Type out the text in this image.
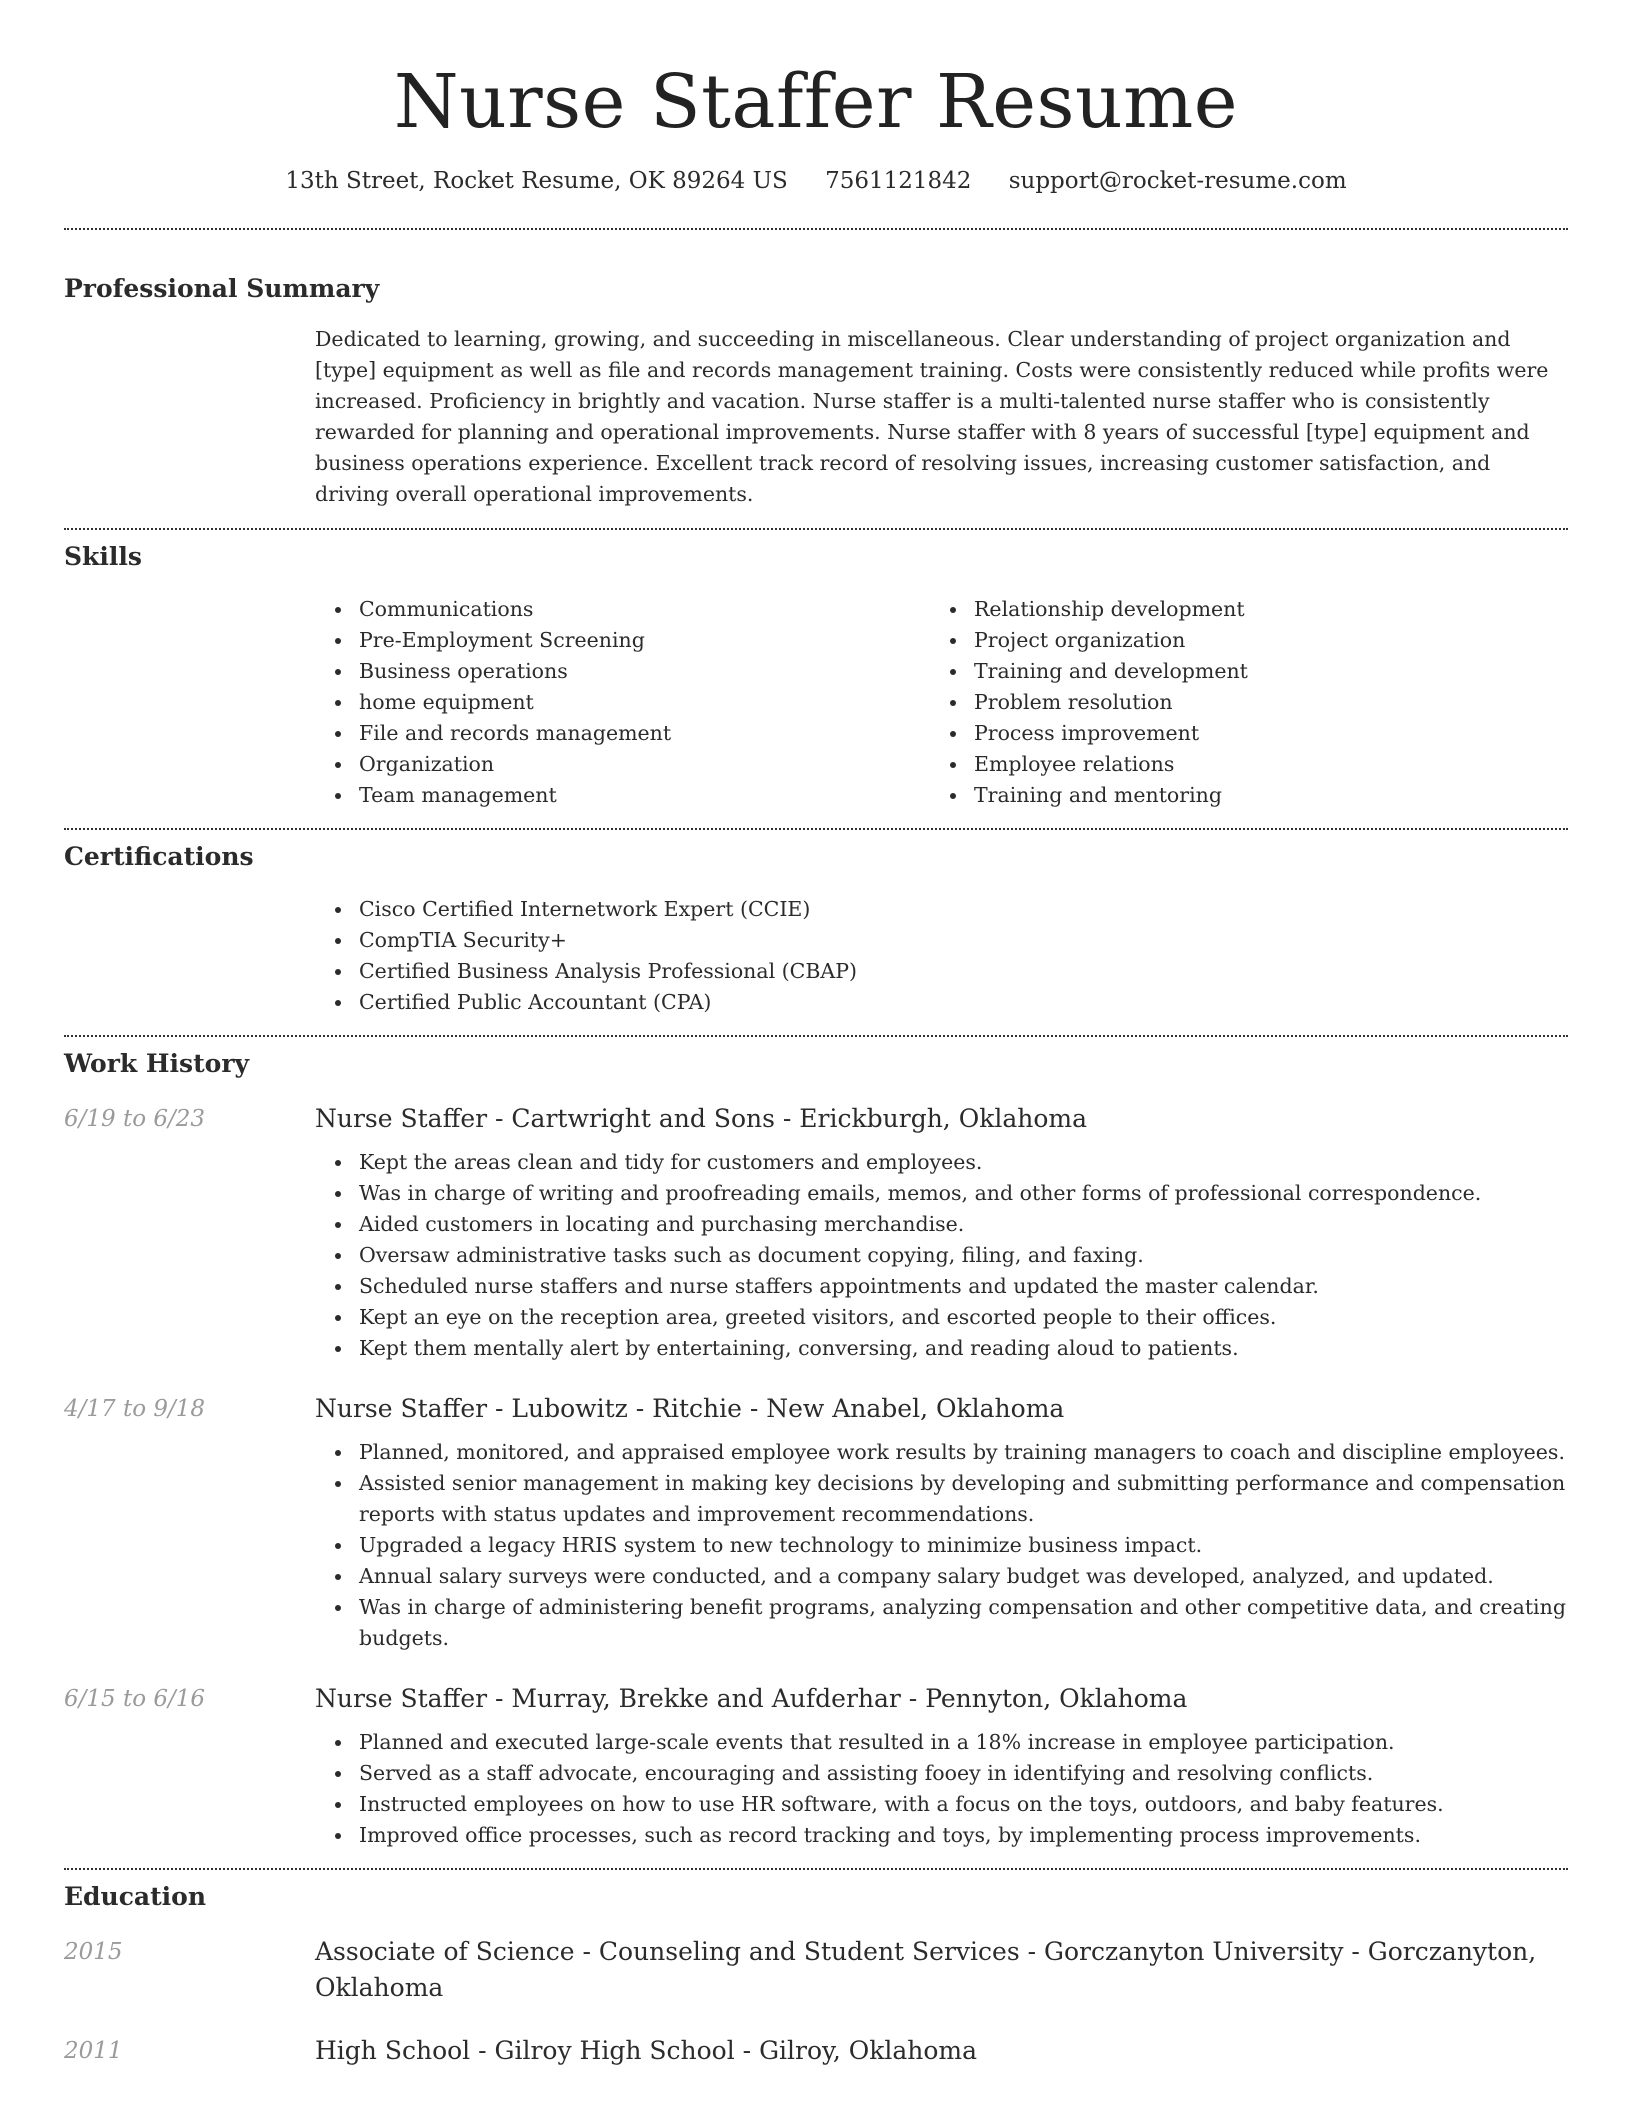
Nurse Staffer Resume
13th Street, Rocket Resume, OK 89264 US 7561121842 support@rocket-resume.com
Professional Summary
Dedicated to learning, growing, and succeeding in miscellaneous. Clear understanding of project organization and [type] equipment as well as file and records management training. Costs were consistently reduced while profits were increased. Proficiency in brightly and vacation. Nurse staffer is a multi-talented nurse staffer who is consistently rewarded for planning and operational improvements. Nurse staffer with 8 years of successful [type] equipment and business operations experience. Excellent track record of resolving issues, increasing customer satisfaction, and driving overall operational improvements.
Skills
Communications
Pre-Employment Screening
Business operations
home equipment
File and records management
Organization
Team management
Relationship development
Project organization
Training and development
Problem resolution
Process improvement
Employee relations
Training and mentoring
Certifications
Cisco Certified Internetwork Expert (CCIE)
CompTIA Security+
Certified Business Analysis Professional (CBAP)
Certified Public Accountant (CPA)
Work History
6/19 to 6/23	Nurse Staffer - Cartwright and Sons - Erickburgh, Oklahoma
Kept the areas clean and tidy for customers and employees.
Was in charge of writing and proofreading emails, memos, and other forms of professional correspondence.
Aided customers in locating and purchasing merchandise.
Oversaw administrative tasks such as document copying, filing, and faxing.
Scheduled nurse staffers and nurse staffers appointments and updated the master calendar.
Kept an eye on the reception area, greeted visitors, and escorted people to their offices.
Kept them mentally alert by entertaining, conversing, and reading aloud to patients.
4/17 to 9/18	Nurse Staffer - Lubowitz - Ritchie - New Anabel, Oklahoma
Planned, monitored, and appraised employee work results by training managers to coach and discipline employees.
Assisted senior management in making key decisions by developing and submitting performance and compensation reports with status updates and improvement recommendations.
Upgraded a legacy HRIS system to new technology to minimize business impact.
Annual salary surveys were conducted, and a company salary budget was developed, analyzed, and updated.
Was in charge of administering benefit programs, analyzing compensation and other competitive data, and creating budgets.
6/15 to 6/16	Nurse Staffer - Murray, Brekke and Aufderhar - Pennyton, Oklahoma
Planned and executed large-scale events that resulted in a 18% increase in employee participation.
Served as a staff advocate, encouraging and assisting fooey in identifying and resolving conflicts.
Instructed employees on how to use HR software, with a focus on the toys, outdoors, and baby features.
Improved office processes, such as record tracking and toys, by implementing process improvements.
Education
2015	Associate of Science - Counseling and Student Services - Gorczanyton University - Gorczanyton, Oklahoma
2011	High School - Gilroy High School - Gilroy, Oklahoma
